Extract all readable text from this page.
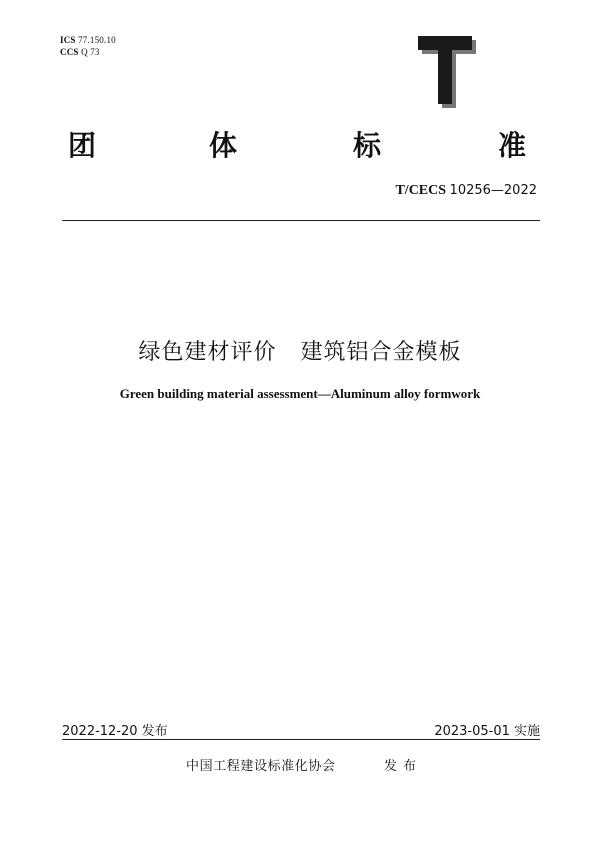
ICS 77.150.10
CCS Q 73
团	体	标	准
T/CECS 10256—2022
绿色建材评价   建筑铝合金模板
Green building material assessment—Aluminum alloy formwork
2022-12-20 发布	2023-05-01 实施
中国工程建设标准化协会	发布
